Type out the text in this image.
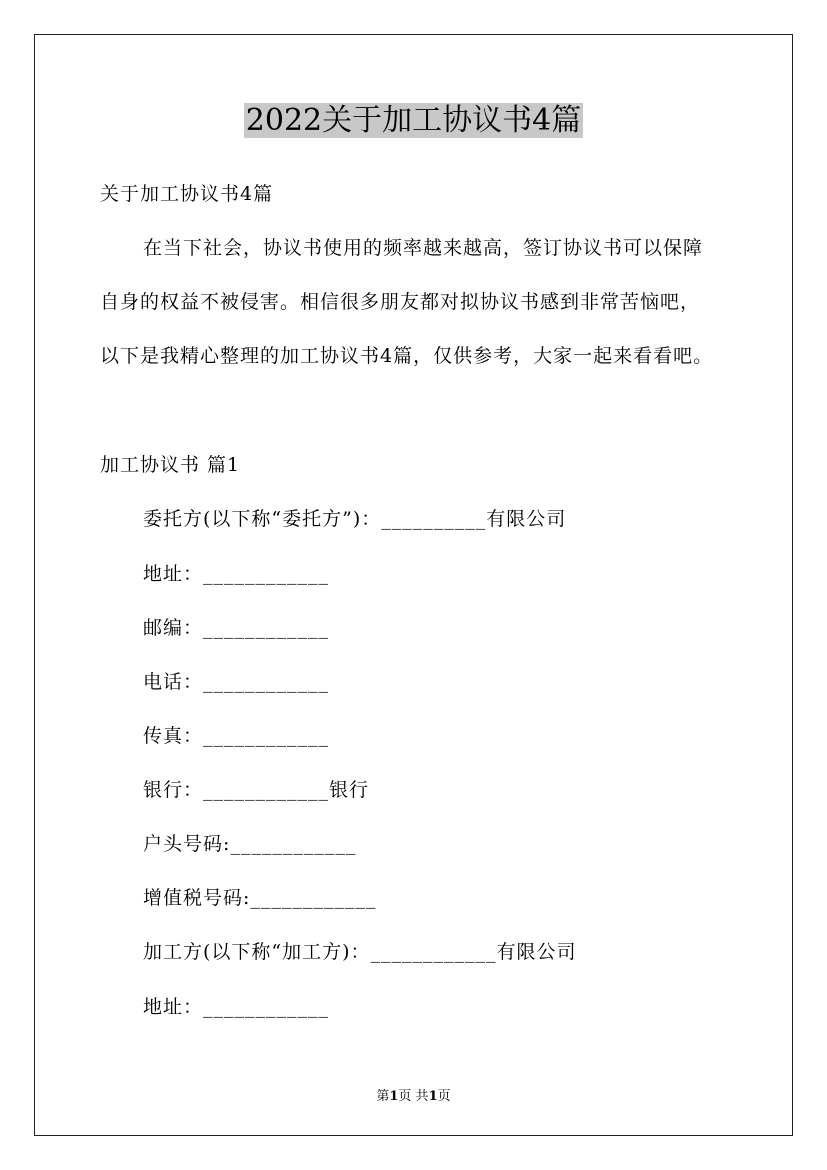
2022关于加工协议书4篇
关于加工协议书4篇
在当下社会，协议书使用的频率越来越高，签订协议书可以保障
自身的权益不被侵害。相信很多朋友都对拟协议书感到非常苦恼吧，
以下是我精心整理的加工协议书4篇，仅供参考，大家一起来看看吧。
加工协议书 篇1
委托方(以下称“委托方”)：__________有限公司
地址：____________
邮编：____________
电话：____________
传真：____________
银行：____________银行
户头号码:____________
增值税号码:____________
加工方(以下称“加工方)：____________有限公司
地址：____________
第1页 共1页
